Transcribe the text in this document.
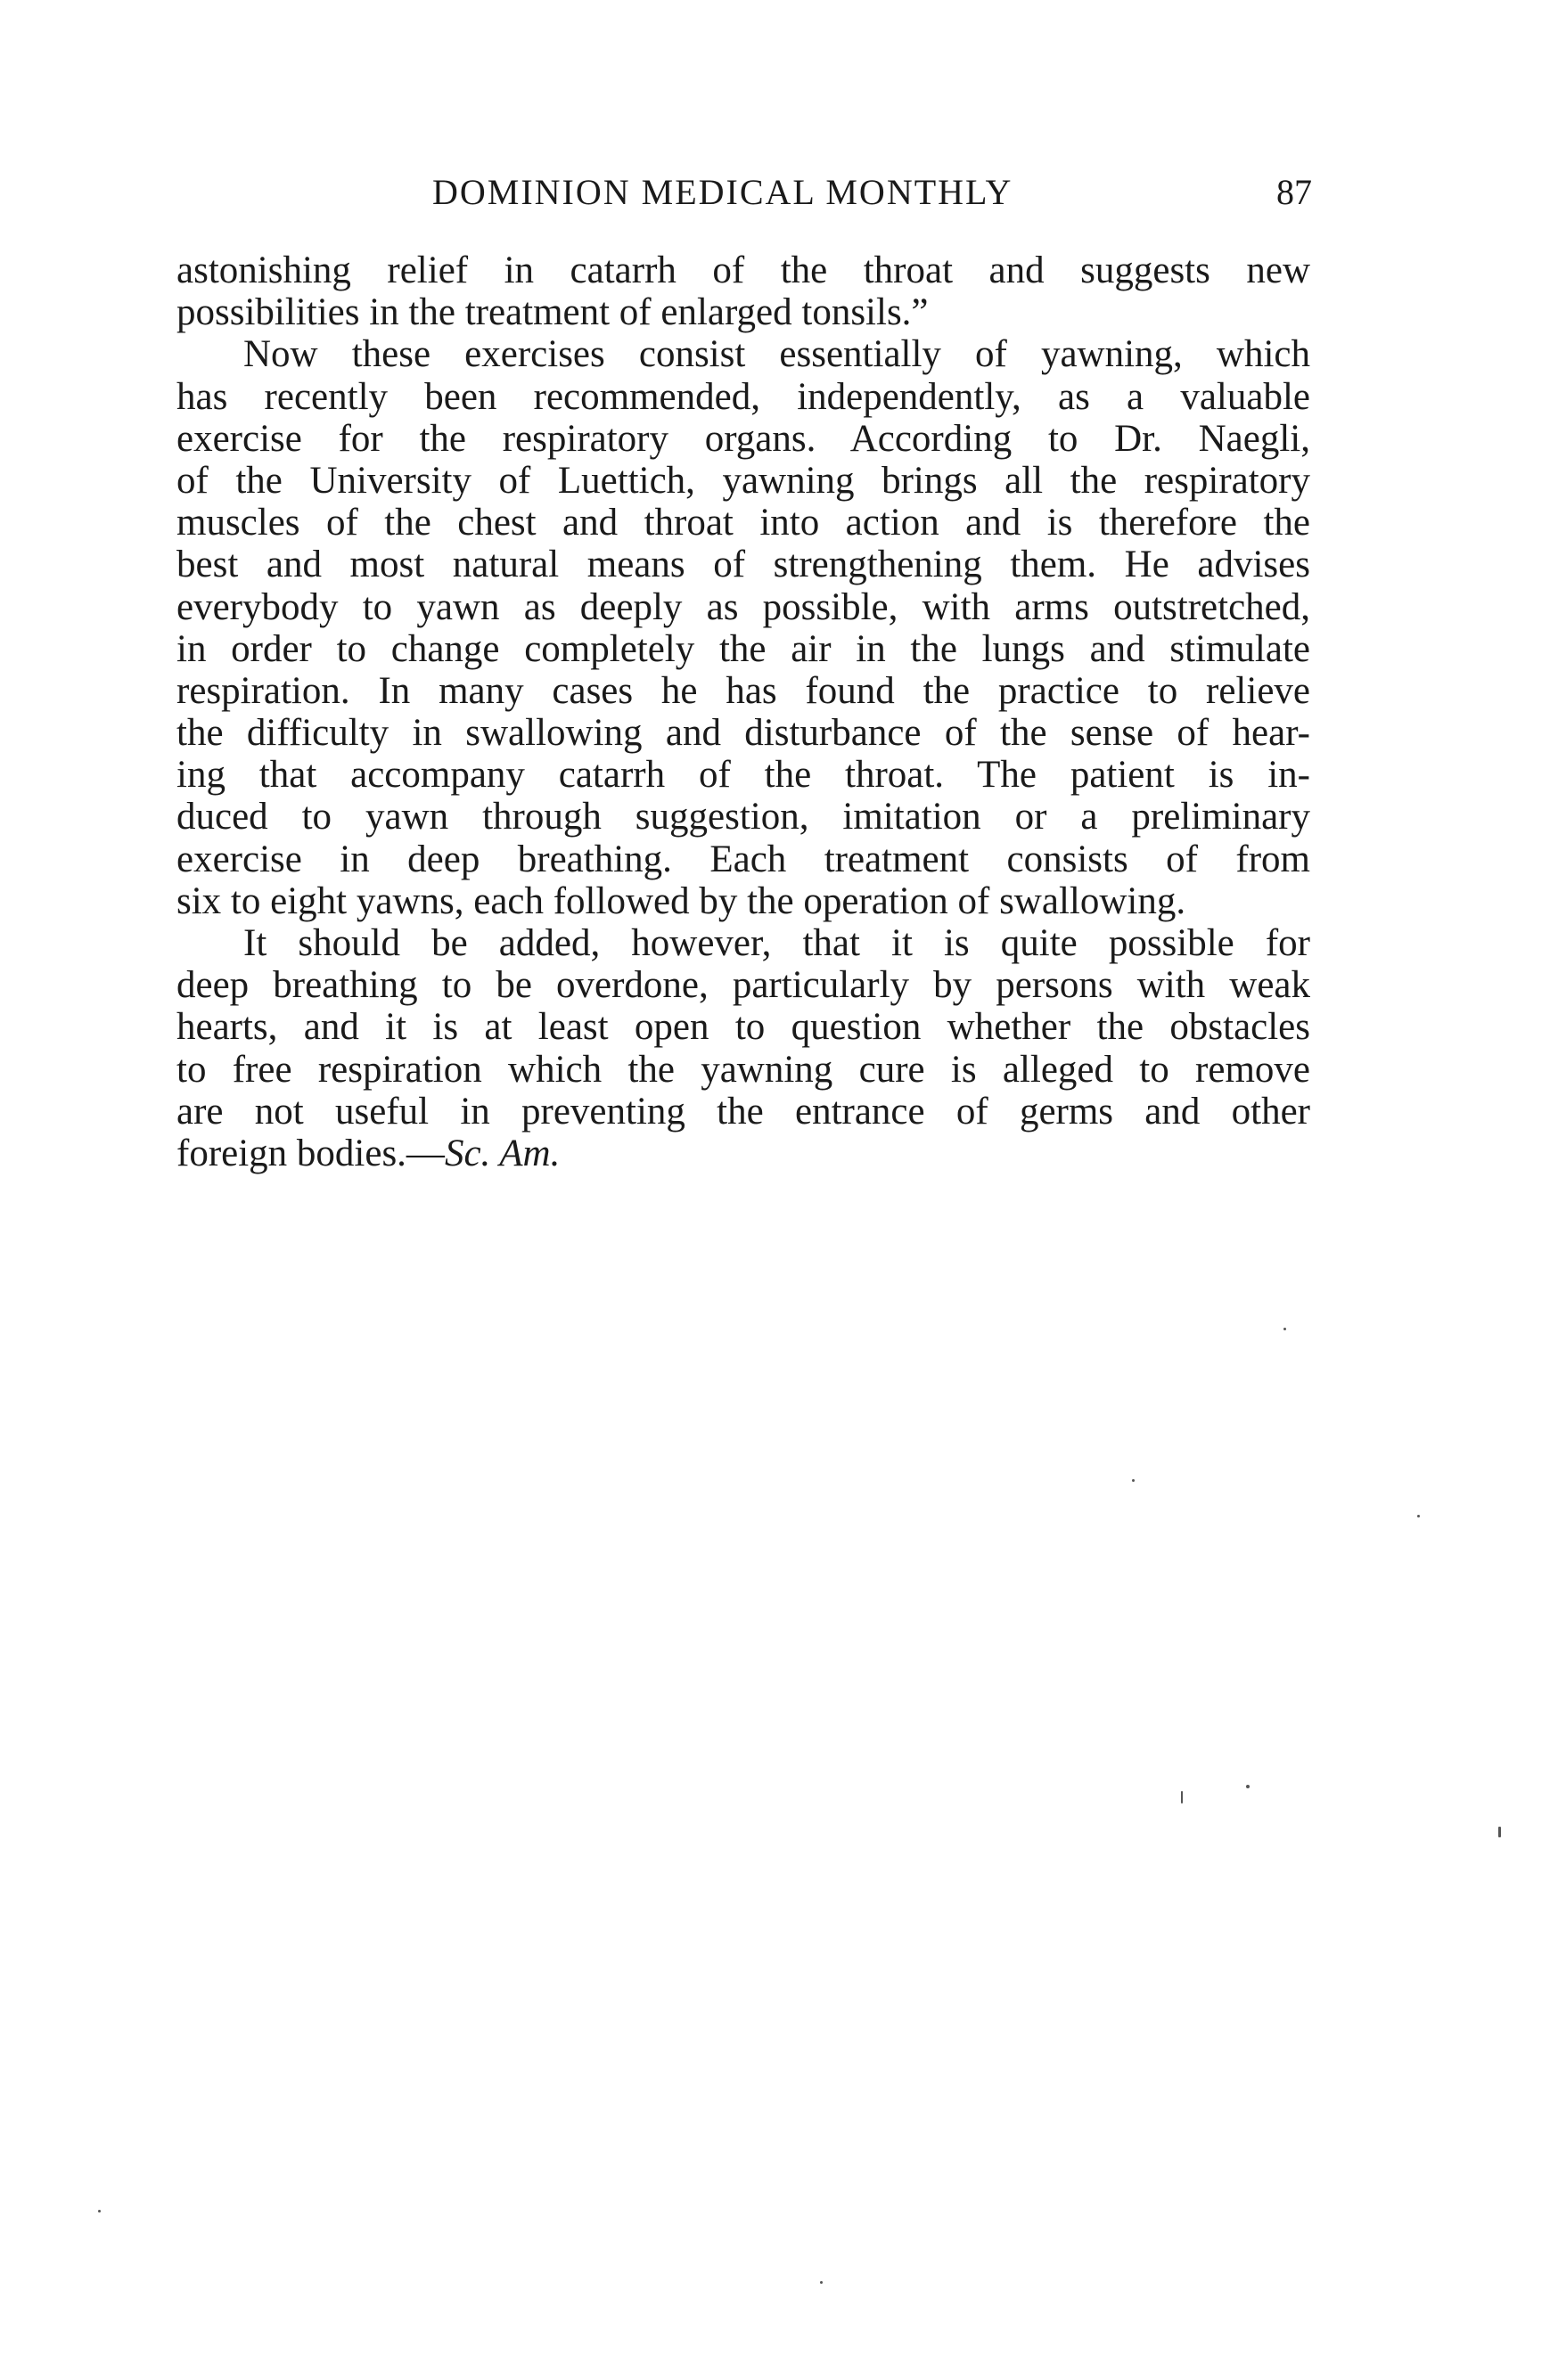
DOMINION MEDICAL MONTHLY	87
astonishing relief in catarrh of the throat and suggests new
possibilities in the treatment of enlarged tonsils.”
Now these exercises consist essentially of yawning, which
has recently been recommended, independently, as a valuable
exercise for the respiratory organs. According to Dr. Naegli,
of the University of Luettich, yawning brings all the respiratory
muscles of the chest and throat into action and is therefore the
best and most natural means of strengthening them. He advises
everybody to yawn as deeply as possible, with arms outstretched,
in order to change completely the air in the lungs and stimulate
respiration. In many cases he has found the practice to relieve
the difficulty in swallowing and disturbance of the sense of hear-
ing that accompany catarrh of the throat. The patient is in-
duced to yawn through suggestion, imitation or a preliminary
exercise in deep breathing. Each treatment consists of from
six to eight yawns, each followed by the operation of swallowing.
It should be added, however, that it is quite possible for
deep breathing to be overdone, particularly by persons with weak
hearts, and it is at least open to question whether the obstacles
to free respiration which the yawning cure is alleged to remove
are not useful in preventing the entrance of germs and other
foreign bodies.—Sc. Am.
